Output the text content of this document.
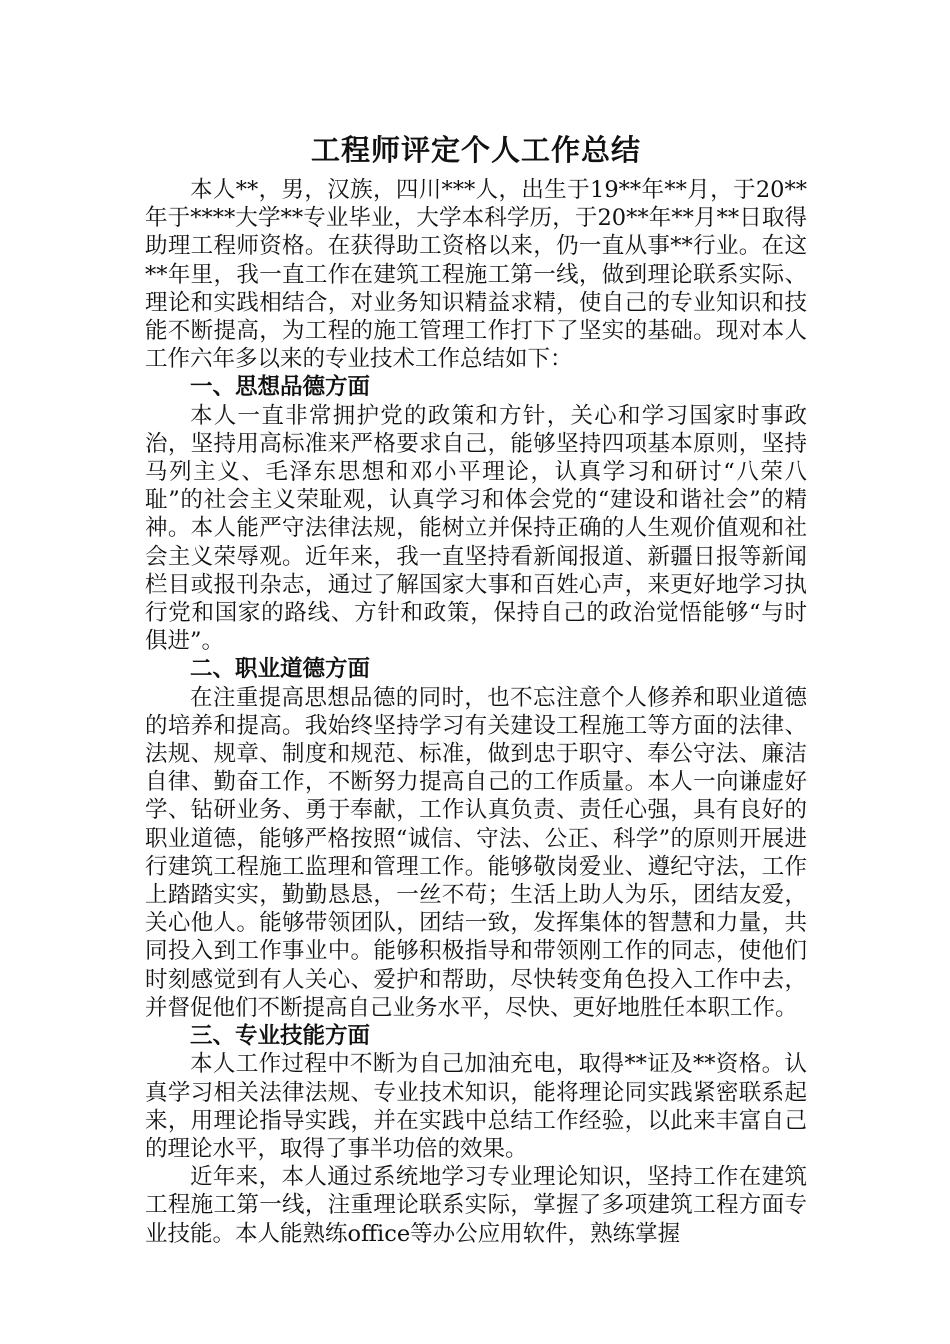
工程师评定个人工作总结

本人**，男，汉族，四川***人，出生于19**年**月，于20**年于****大学**专业毕业，大学本科学历，于20**年**月**日取得助理工程师资格。在获得助工资格以来，仍一直从事**行业。在这**年里，我一直工作在建筑工程施工第一线，做到理论联系实际、理论和实践相结合，对业务知识精益求精，使自己的专业知识和技能不断提高，为工程的施工管理工作打下了坚实的基础。现对本人工作六年多以来的专业技术工作总结如下：

一、思想品德方面

本人一直非常拥护党的政策和方针，关心和学习国家时事政治，坚持用高标准来严格要求自己，能够坚持四项基本原则，坚持马列主义、毛泽东思想和邓小平理论，认真学习和研讨“八荣八耻”的社会主义荣耻观，认真学习和体会党的“建设和谐社会”的精神。本人能严守法律法规，能树立并保持正确的人生观价值观和社会主义荣辱观。近年来，我一直坚持看新闻报道、新疆日报等新闻栏目或报刊杂志，通过了解国家大事和百姓心声，来更好地学习执行党和国家的路线、方针和政策，保持自己的政治觉悟能够“与时俱进”。

二、职业道德方面

在注重提高思想品德的同时，也不忘注意个人修养和职业道德的培养和提高。我始终坚持学习有关建设工程施工等方面的法律、法规、规章、制度和规范、标准，做到忠于职守、奉公守法、廉洁自律、勤奋工作，不断努力提高自己的工作质量。本人一向谦虚好学、钻研业务、勇于奉献，工作认真负责、责任心强，具有良好的职业道德，能够严格按照“诚信、守法、公正、科学”的原则开展进行建筑工程施工监理和管理工作。能够敬岗爱业、遵纪守法，工作上踏踏实实，勤勤恳恳，一丝不苟；生活上助人为乐，团结友爱，关心他人。能够带领团队，团结一致，发挥集体的智慧和力量，共同投入到工作事业中。能够积极指导和带领刚工作的同志，使他们时刻感觉到有人关心、爱护和帮助，尽快转变角色投入工作中去，并督促他们不断提高自己业务水平，尽快、更好地胜任本职工作。

三、专业技能方面

本人工作过程中不断为自己加油充电，取得**证及**资格。认真学习相关法律法规、专业技术知识，能将理论同实践紧密联系起来，用理论指导实践，并在实践中总结工作经验，以此来丰富自己的理论水平，取得了事半功倍的效果。

近年来，本人通过系统地学习专业理论知识，坚持工作在建筑工程施工第一线，注重理论联系实际，掌握了多项建筑工程方面专业技能。本人能熟练office等办公应用软件，熟练掌握
